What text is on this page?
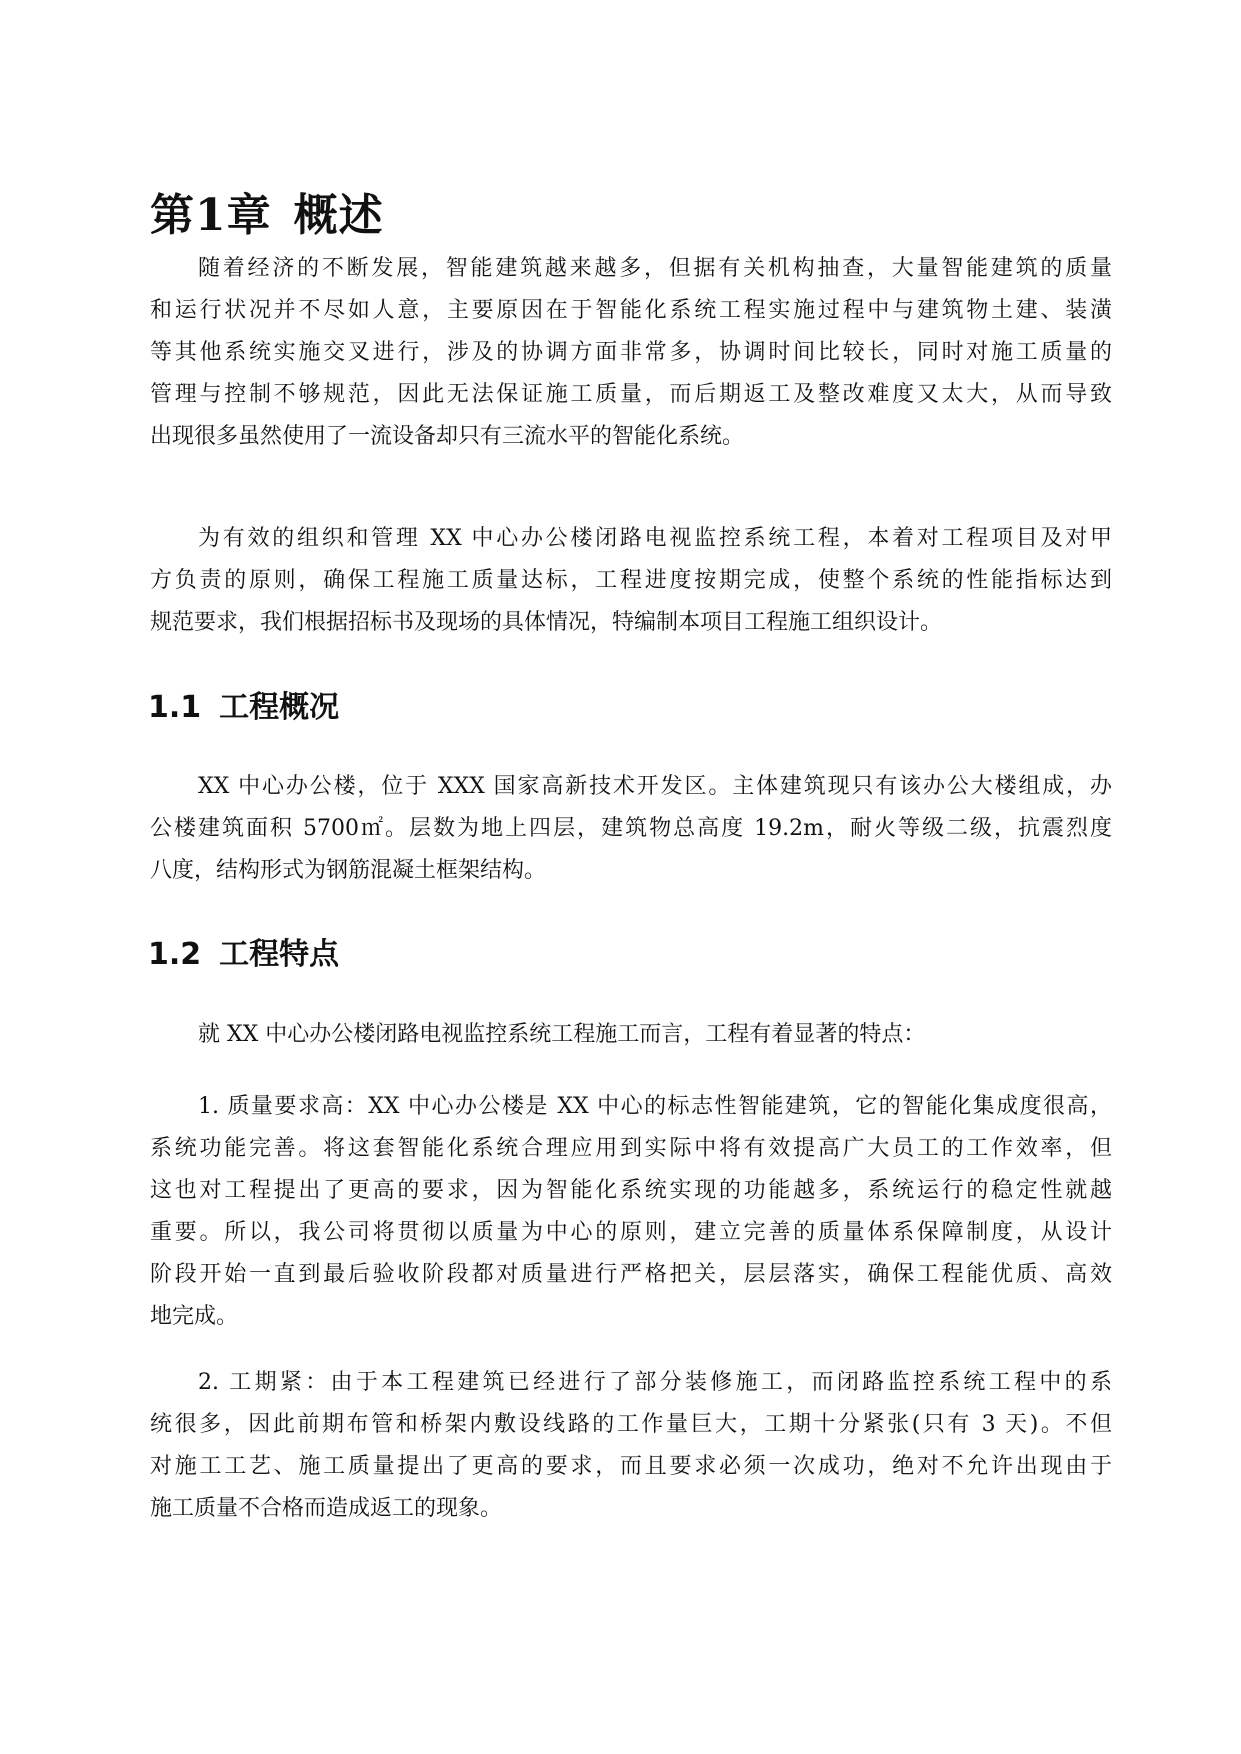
第1章 概述

随着经济的不断发展，智能建筑越来越多，但据有关机构抽查，大量智能建筑的质量
和运行状况并不尽如人意，主要原因在于智能化系统工程实施过程中与建筑物土建、装潢
等其他系统实施交叉进行，涉及的协调方面非常多，协调时间比较长，同时对施工质量的
管理与控制不够规范，因此无法保证施工质量，而后期返工及整改难度又太大，从而导致
出现很多虽然使用了一流设备却只有三流水平的智能化系统。

为有效的组织和管理 XX 中心办公楼闭路电视监控系统工程，本着对工程项目及对甲
方负责的原则，确保工程施工质量达标，工程进度按期完成，使整个系统的性能指标达到
规范要求，我们根据招标书及现场的具体情况，特编制本项目工程施工组织设计。

1.1 工程概况

XX 中心办公楼，位于 XXX 国家高新技术开发区。主体建筑现只有该办公大楼组成，办
公楼建筑面积 5700㎡。层数为地上四层，建筑物总高度 19.2m，耐火等级二级，抗震烈度
八度，结构形式为钢筋混凝土框架结构。

1.2 工程特点

就 XX 中心办公楼闭路电视监控系统工程施工而言，工程有着显著的特点：

1. 质量要求高：XX 中心办公楼是 XX 中心的标志性智能建筑，它的智能化集成度很高，
系统功能完善。将这套智能化系统合理应用到实际中将有效提高广大员工的工作效率，但
这也对工程提出了更高的要求，因为智能化系统实现的功能越多，系统运行的稳定性就越
重要。所以，我公司将贯彻以质量为中心的原则，建立完善的质量体系保障制度，从设计
阶段开始一直到最后验收阶段都对质量进行严格把关，层层落实，确保工程能优质、高效
地完成。

2. 工期紧：由于本工程建筑已经进行了部分装修施工，而闭路监控系统工程中的系
统很多，因此前期布管和桥架内敷设线路的工作量巨大，工期十分紧张(只有 3 天)。不但
对施工工艺、施工质量提出了更高的要求，而且要求必须一次成功，绝对不允许出现由于
施工质量不合格而造成返工的现象。
